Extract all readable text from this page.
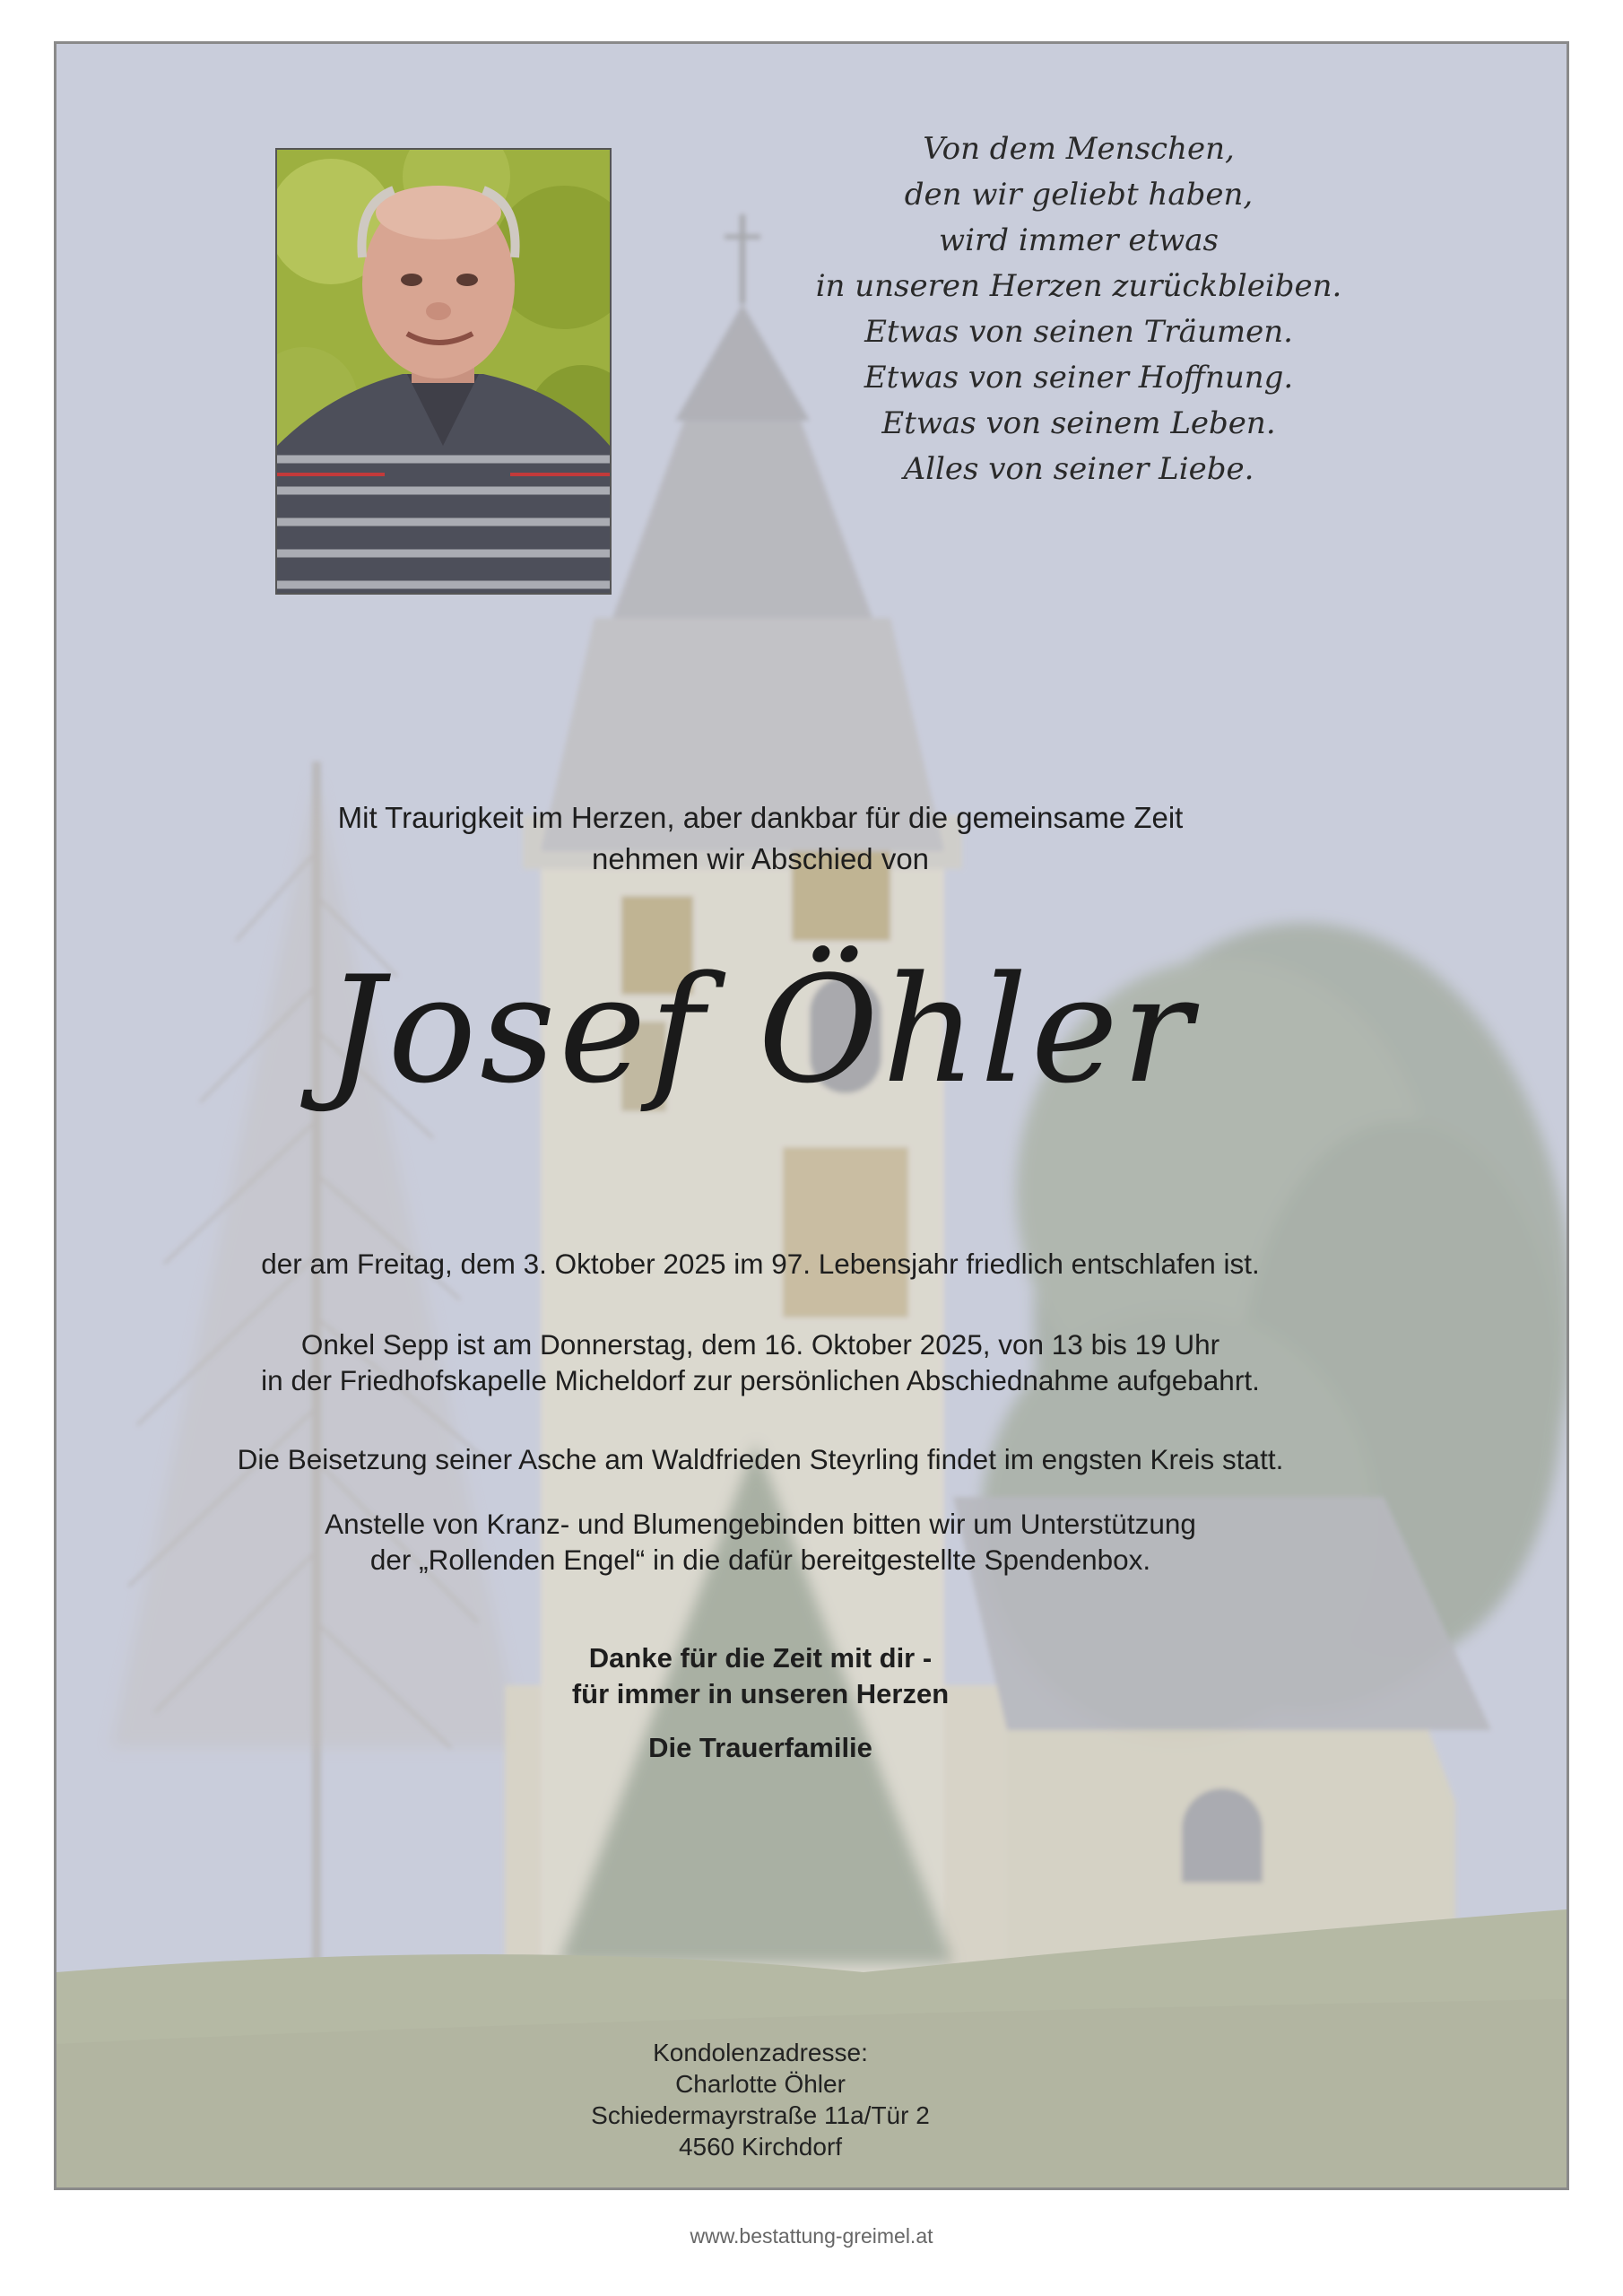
Von dem Menschen,
den wir geliebt haben,
wird immer etwas
in unseren Herzen zurückbleiben.
Etwas von seinen Träumen.
Etwas von seiner Hoffnung.
Etwas von seinem Leben.
Alles von seiner Liebe.
Mit Traurigkeit im Herzen, aber dankbar für die gemeinsame Zeit
nehmen wir Abschied von
Josef Öhler
der am Freitag, dem 3. Oktober 2025 im 97. Lebensjahr friedlich entschlafen ist.
Onkel Sepp ist am Donnerstag, dem 16. Oktober 2025, von 13 bis 19 Uhr
in der Friedhofskapelle Micheldorf zur persönlichen Abschiednahme aufgebahrt.
Die Beisetzung seiner Asche am Waldfrieden Steyrling findet im engsten Kreis statt.
Anstelle von Kranz- und Blumengebinden bitten wir um Unterstützung
der „Rollenden Engel“ in die dafür bereitgestellte Spendenbox.
Danke für die Zeit mit dir -
für immer in unseren Herzen
Die Trauerfamilie
Kondolenzadresse:
Charlotte Öhler
Schiedermayrstraße 11a/Tür 2
4560 Kirchdorf
www.bestattung-greimel.at
